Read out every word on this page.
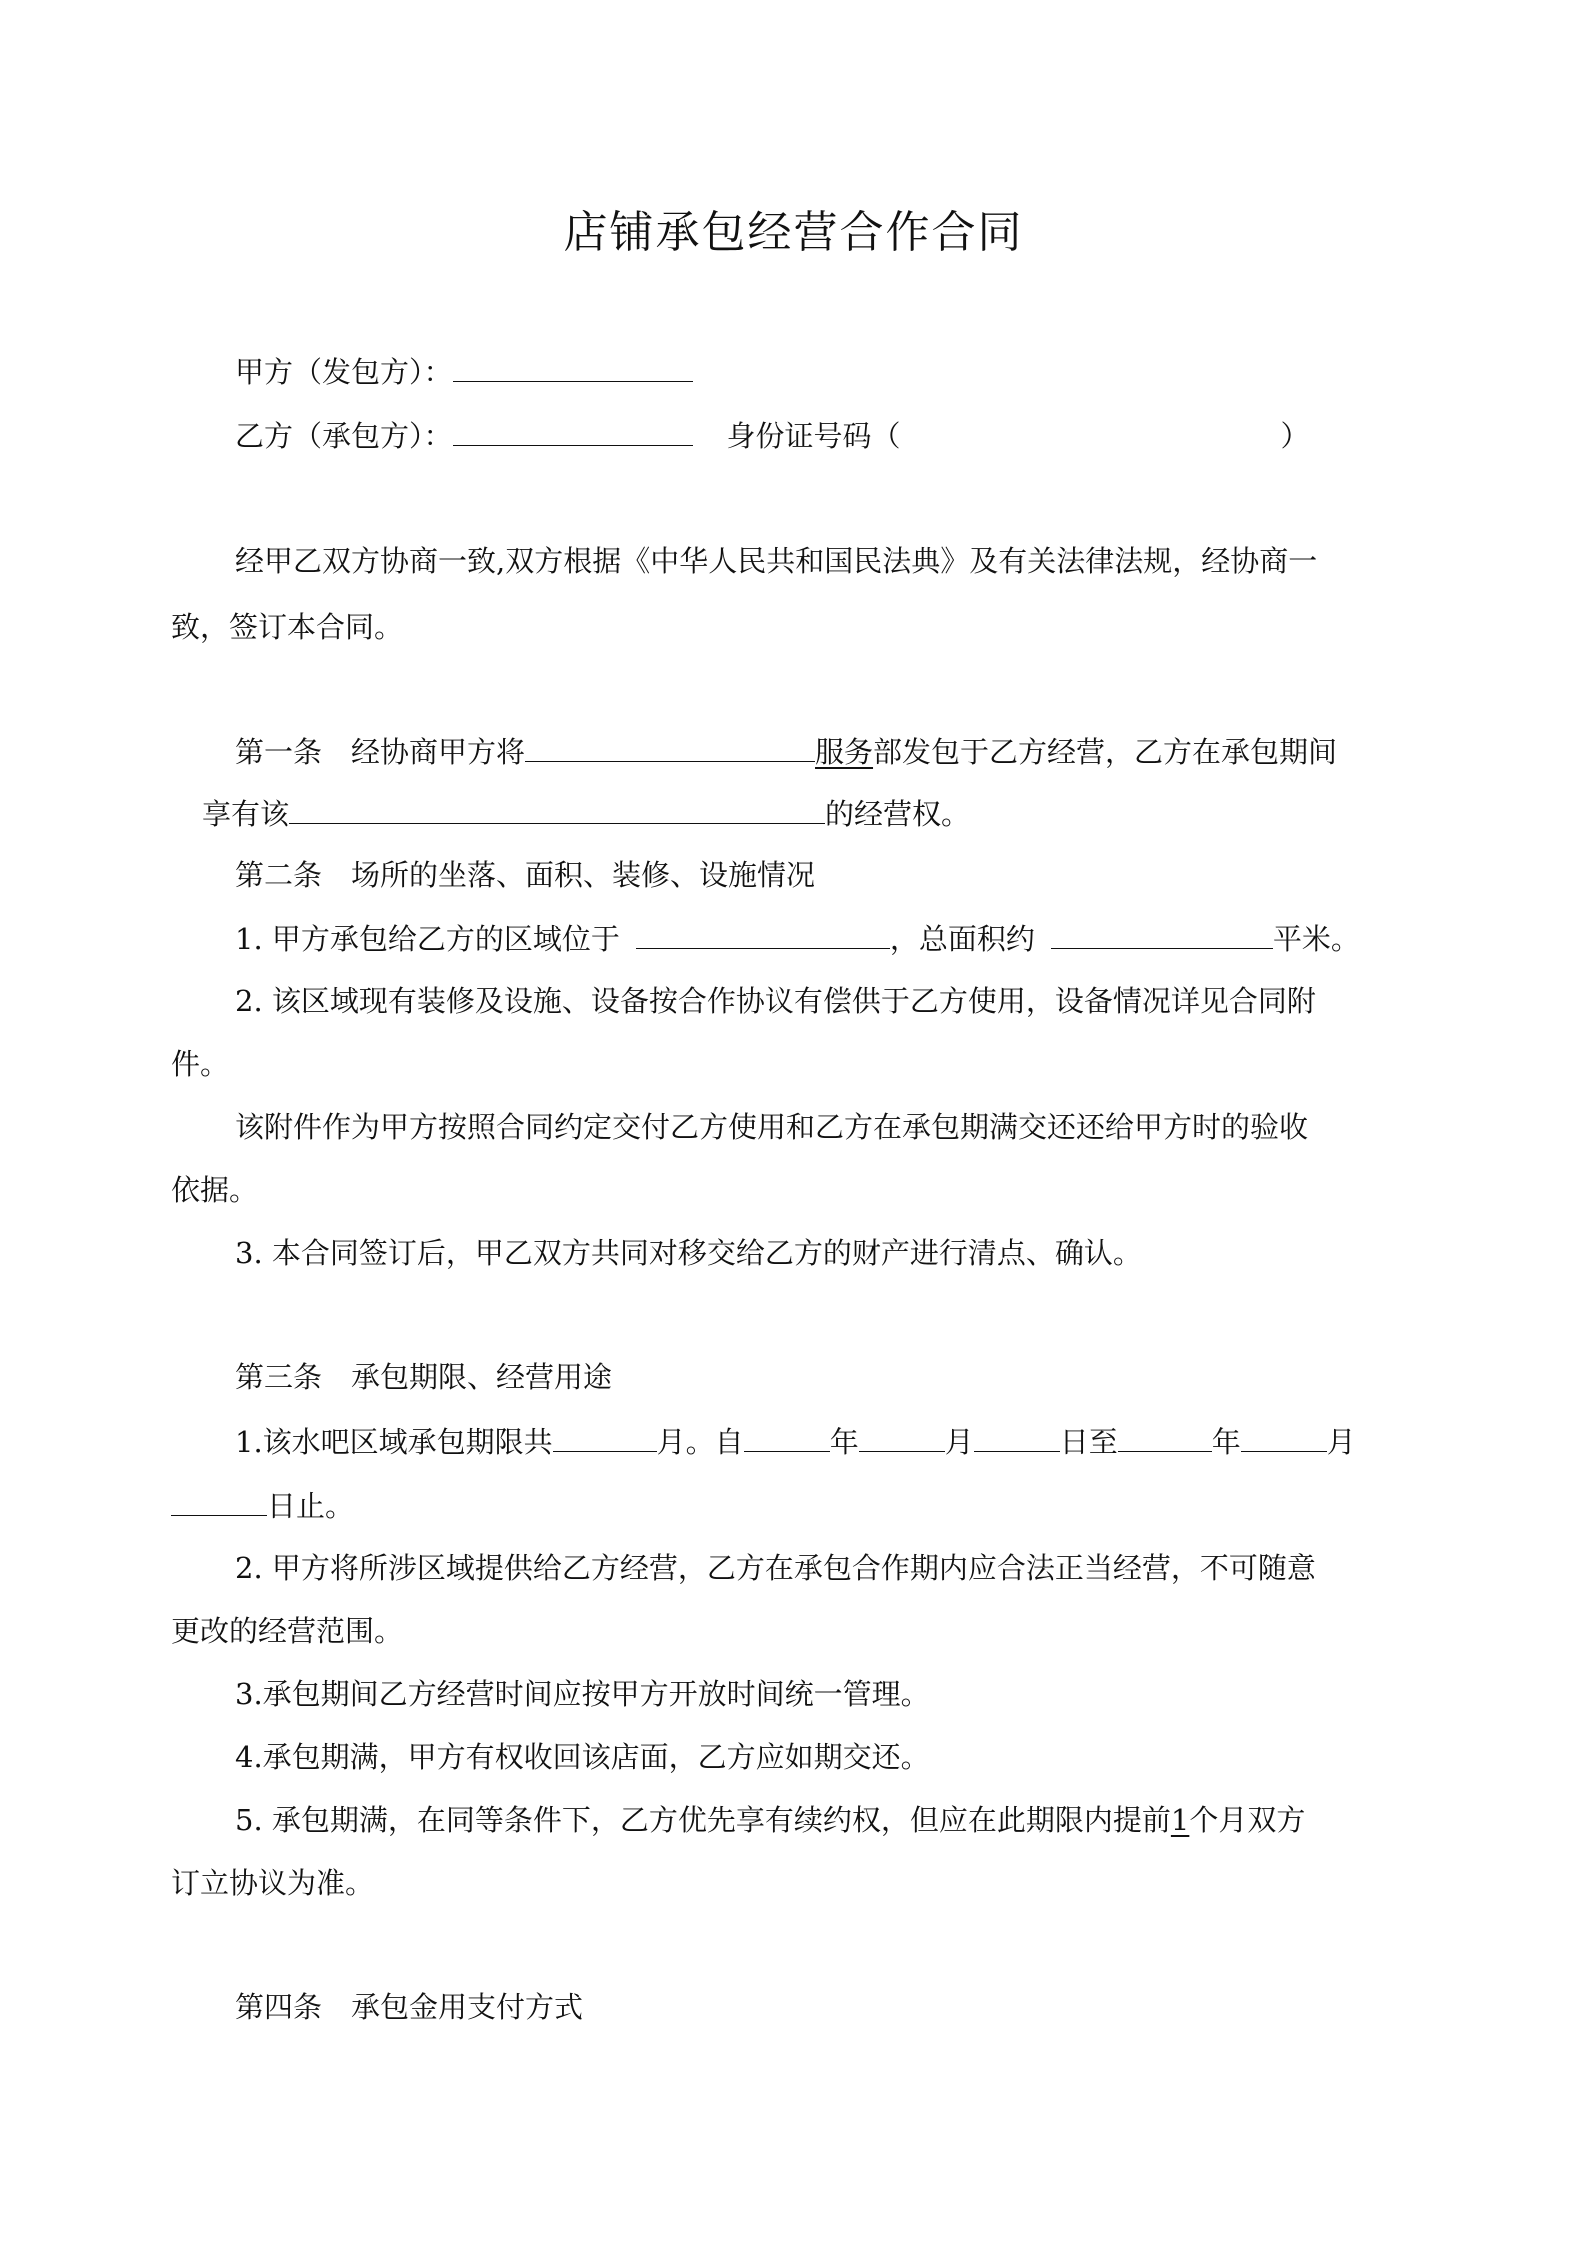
店铺承包经营合作合同
甲方（发包方）：
乙方（承包方）：	身份证号码（	）
经甲乙双方协商一致,双方根据《中华人民共和国民法典》及有关法律法规，经协商一
致，签订本合同。
第一条　经协商甲方将	服务部发包于乙方经营，乙方在承包期间
享有该	的经营权。
第二条　场所的坐落、面积、装修、设施情况
1. 甲方承包给乙方的区域位于	，总面积约	平米。
2. 该区域现有装修及设施、设备按合作协议有偿供于乙方使用，设备情况详见合同附
件。
该附件作为甲方按照合同约定交付乙方使用和乙方在承包期满交还还给甲方时的验收
依据。
3. 本合同签订后，甲乙双方共同对移交给乙方的财产进行清点、确认。
第三条　承包期限、经营用途
1.该水吧区域承包期限共	月。自	年	月	日至	年	月
日止。
2. 甲方将所涉区域提供给乙方经营，乙方在承包合作期内应合法正当经营，不可随意
更改的经营范围。
3.承包期间乙方经营时间应按甲方开放时间统一管理。
4.承包期满，甲方有权收回该店面，乙方应如期交还。
5. 承包期满，在同等条件下，乙方优先享有续约权，但应在此期限内提前1个月双方
订立协议为准。
第四条　承包金用支付方式
